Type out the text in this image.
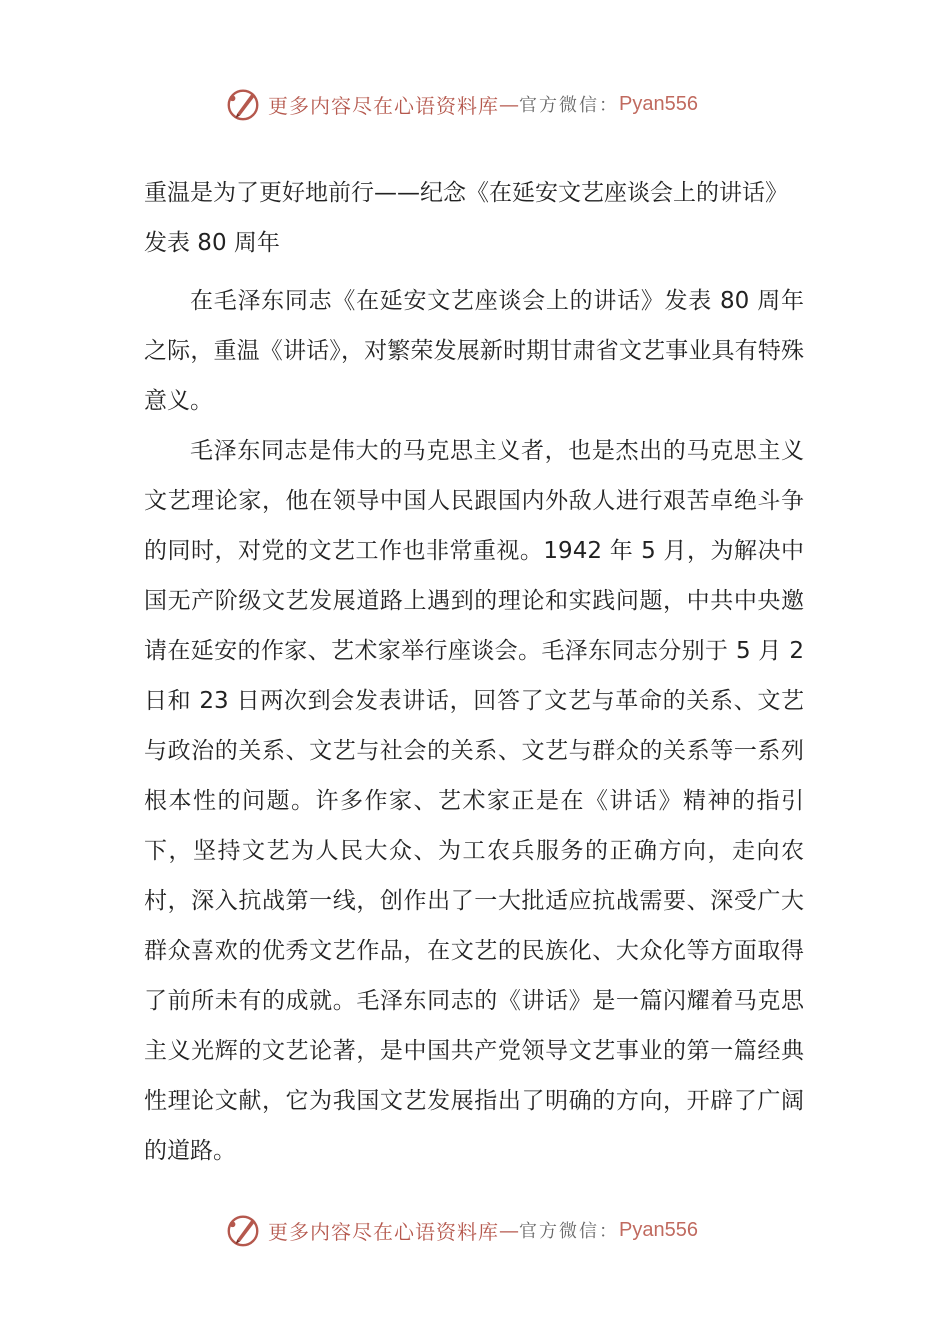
更多内容尽在心语资料库 — 官方微信： Pyan556
重温是为了更好地前行——纪念《在延安文艺座谈会上的讲话》发表 80 周年

在毛泽东同志《在延安文艺座谈会上的讲话》发表 80 周年之际，重温《讲话》，对繁荣发展新时期甘肃省文艺事业具有特殊意义。

毛泽东同志是伟大的马克思主义者，也是杰出的马克思主义文艺理论家，他在领导中国人民跟国内外敌人进行艰苦卓绝斗争的同时，对党的文艺工作也非常重视。1942 年 5 月，为解决中国无产阶级文艺发展道路上遇到的理论和实践问题，中共中央邀请在延安的作家、艺术家举行座谈会。毛泽东同志分别于 5 月 2 日和 23 日两次到会发表讲话，回答了文艺与革命的关系、文艺与政治的关系、文艺与社会的关系、文艺与群众的关系等一系列根本性的问题。许多作家、艺术家正是在《讲话》精神的指引下，坚持文艺为人民大众、为工农兵服务的正确方向，走向农村，深入抗战第一线，创作出了一大批适应抗战需要、深受广大群众喜欢的优秀文艺作品，在文艺的民族化、大众化等方面取得了前所未有的成就。毛泽东同志的《讲话》是一篇闪耀着马克思主义光辉的文艺论著，是中国共产党领导文艺事业的第一篇经典性理论文献，它为我国文艺发展指出了明确的方向，开辟了广阔的道路。

更多内容尽在心语资料库 — 官方微信： Pyan556
